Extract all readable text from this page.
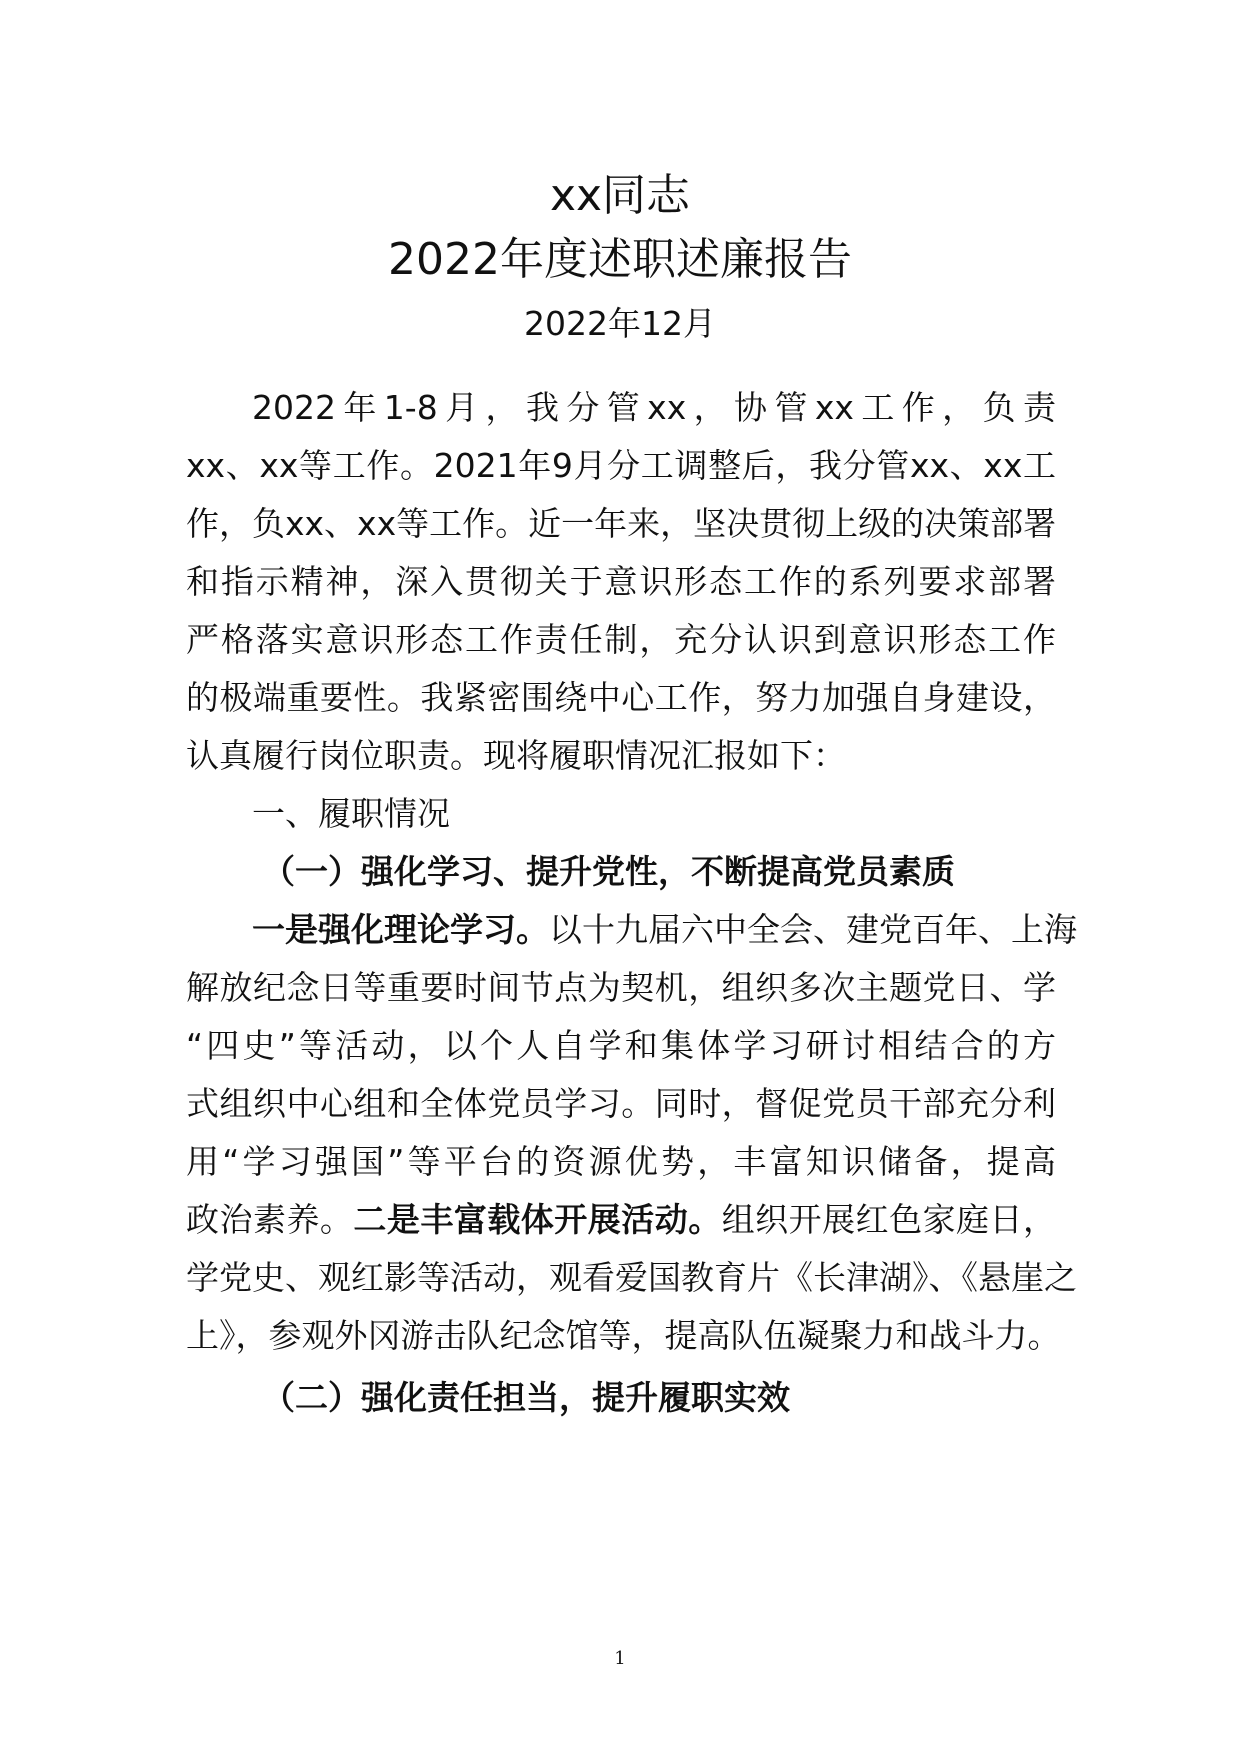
xx同志
2022年度述职述廉报告
2022年12月
2022年1-8月，我分管xx，协管xx工作，负责
xx、xx等工作。2021年9月分工调整后，我分管xx、xx工
作，负xx、xx等工作。近一年来，坚决贯彻上级的决策部署
和指示精神，深入贯彻关于意识形态工作的系列要求部署
严格落实意识形态工作责任制，充分认识到意识形态工作
的极端重要性。我紧密围绕中心工作，努力加强自身建设，
认真履行岗位职责。现将履职情况汇报如下：
一、履职情况
（一）强化学习、提升党性，不断提高党员素质
一是强化理论学习。以十九届六中全会、建党百年、上海
解放纪念日等重要时间节点为契机，组织多次主题党日、学
“四史”等活动，以个人自学和集体学习研讨相结合的方
式组织中心组和全体党员学习。同时，督促党员干部充分利
用“学习强国”等平台的资源优势，丰富知识储备，提高
政治素养。二是丰富载体开展活动。组织开展红色家庭日，
学党史、观红影等活动，观看爱国教育片《长津湖》、《悬崖之
上》，参观外冈游击队纪念馆等，提高队伍凝聚力和战斗力。
（二）强化责任担当，提升履职实效
1
